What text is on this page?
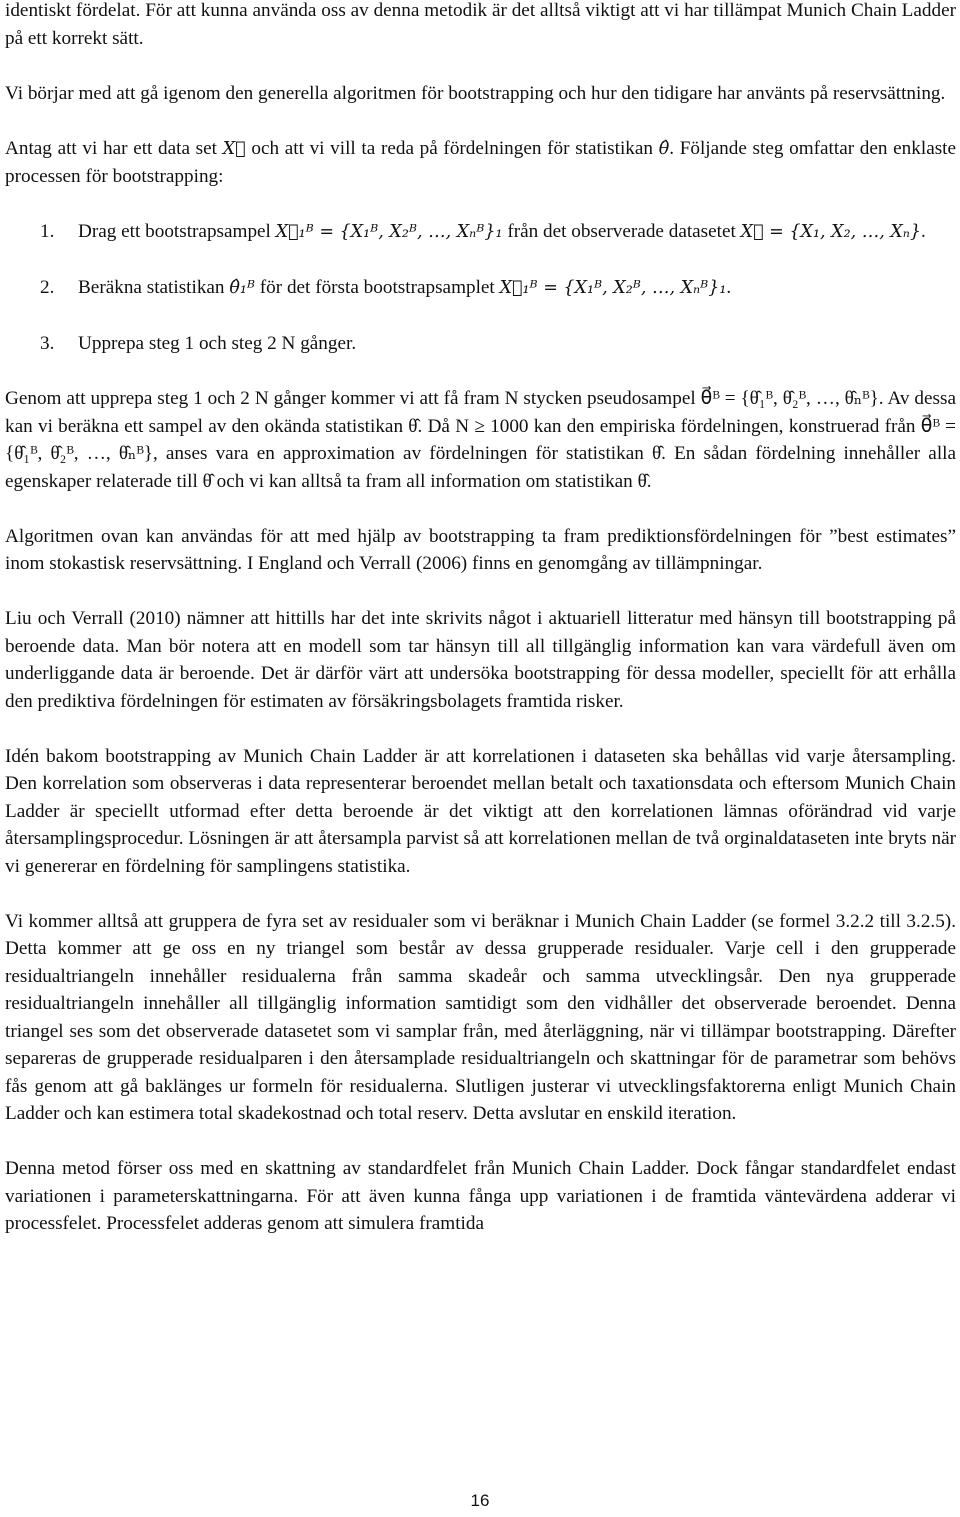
identiskt fördelat. För att kunna använda oss av denna metodik är det alltså viktigt att vi har tillämpat Munich Chain Ladder på ett korrekt sätt.

Vi börjar med att gå igenom den generella algoritmen för bootstrapping och hur den tidigare har använts på reservsättning.

Antag att vi har ett data set X⃗ och att vi vill ta reda på fördelningen för statistikan θ̂. Följande steg omfattar den enklaste processen för bootstrapping:

1. Drag ett bootstrapsampel X⃗₁ᴮ = {X₁ᴮ, X₂ᴮ, …, Xₙᴮ}₁ från det observerade datasetet X⃗ = {X₁, X₂, …, Xₙ}.
2. Beräkna statistikan θ̂₁ᴮ för det första bootstrapsamplet X⃗₁ᴮ = {X₁ᴮ, X₂ᴮ, …, Xₙᴮ}₁.
3. Upprepa steg 1 och steg 2 N gånger.

Genom att upprepa steg 1 och 2 N gånger kommer vi att få fram N stycken pseudosampel θ⃗ᴮ = {θ̂₁ᴮ, θ̂₂ᴮ, …, θ̂ₙᴮ}. Av dessa kan vi beräkna ett sampel av den okända statistikan θ̂. Då N ≥ 1000 kan den empiriska fördelningen, konstruerad från θ⃗ᴮ = {θ̂₁ᴮ, θ̂₂ᴮ, …, θ̂ₙᴮ}, anses vara en approximation av fördelningen för statistikan θ̂. En sådan fördelning innehåller alla egenskaper relaterade till θ̂ och vi kan alltså ta fram all information om statistikan θ̂.

Algoritmen ovan kan användas för att med hjälp av bootstrapping ta fram prediktionsfördelningen för ”best estimates” inom stokastisk reservsättning. I England och Verrall (2006) finns en genomgång av tillämpningar.

Liu och Verrall (2010) nämner att hittills har det inte skrivits något i aktuariell litteratur med hänsyn till bootstrapping på beroende data. Man bör notera att en modell som tar hänsyn till all tillgänglig information kan vara värdefull även om underliggande data är beroende. Det är därför värt att undersöka bootstrapping för dessa modeller, speciellt för att erhålla den prediktiva fördelningen för estimaten av försäkringsbolagets framtida risker.

Idén bakom bootstrapping av Munich Chain Ladder är att korrelationen i dataseten ska behållas vid varje återsampling. Den korrelation som observeras i data representerar beroendet mellan betalt och taxationsdata och eftersom Munich Chain Ladder är speciellt utformad efter detta beroende är det viktigt att den korrelationen lämnas oförändrad vid varje återsamplingsprocedur. Lösningen är att återsampla parvist så att korrelationen mellan de två orginaldataseten inte bryts när vi genererar en fördelning för samplingens statistika.

Vi kommer alltså att gruppera de fyra set av residualer som vi beräknar i Munich Chain Ladder (se formel 3.2.2 till 3.2.5). Detta kommer att ge oss en ny triangel som består av dessa grupperade residualer. Varje cell i den grupperade residualtriangeln innehåller residualerna från samma skadeår och samma utvecklingsår. Den nya grupperade residualtriangeln innehåller all tillgänglig information samtidigt som den vidhåller det observerade beroendet. Denna triangel ses som det observerade datasetet som vi samplar från, med återläggning, när vi tillämpar bootstrapping. Därefter separeras de grupperade residualparen i den återsamplade residualtriangeln och skattningar för de parametrar som behövs fås genom att gå baklänges ur formeln för residualerna. Slutligen justerar vi utvecklingsfaktorerna enligt Munich Chain Ladder och kan estimera total skadekostnad och total reserv. Detta avslutar en enskild iteration.

Denna metod förser oss med en skattning av standardfelet från Munich Chain Ladder. Dock fångar standardfelet endast variationen i parameterskattningarna. För att även kunna fånga upp variationen i de framtida väntevärdena adderar vi processfelet. Processfelet adderas genom att simulera framtida

16
